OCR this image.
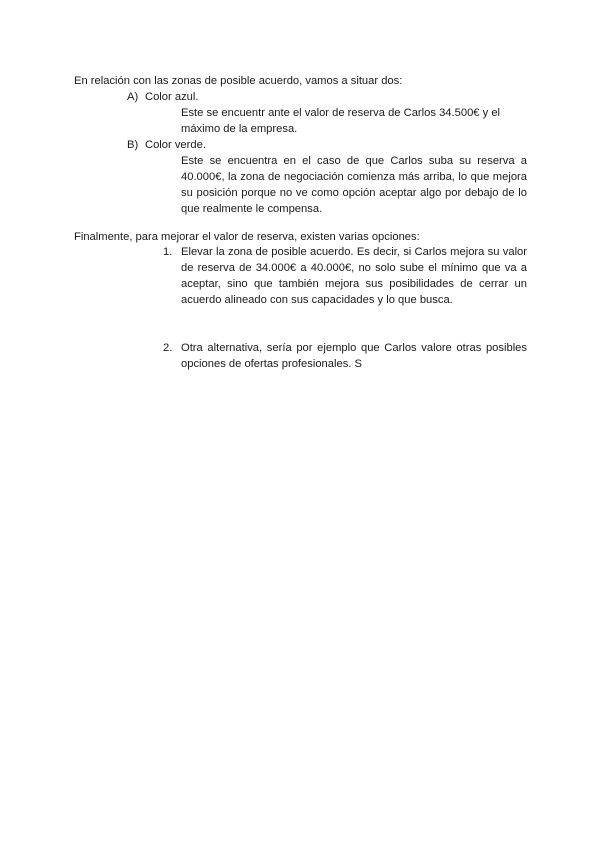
En relación con las zonas de posible acuerdo, vamos a situar dos:
A) Color azul.
Este se encuentr ante el valor de reserva de Carlos 34.500€ y el máximo de la empresa.
B) Color verde.
Este se encuentra en el caso de que Carlos suba su reserva a 40.000€, la zona de negociación comienza más arriba, lo que mejora su posición porque no ve como opción aceptar algo por debajo de lo que realmente le compensa.
Finalmente, para mejorar el valor de reserva, existen varias opciones:
1. Elevar la zona de posible acuerdo. Es decir, si Carlos mejora su valor de reserva de 34.000€ a 40.000€, no solo sube el mínimo que va a aceptar, sino que también mejora sus posibilidades de cerrar un acuerdo alineado con sus capacidades y lo que busca.
2. Otra alternativa, sería por ejemplo que Carlos valore otras posibles opciones de ofertas profesionales. S
